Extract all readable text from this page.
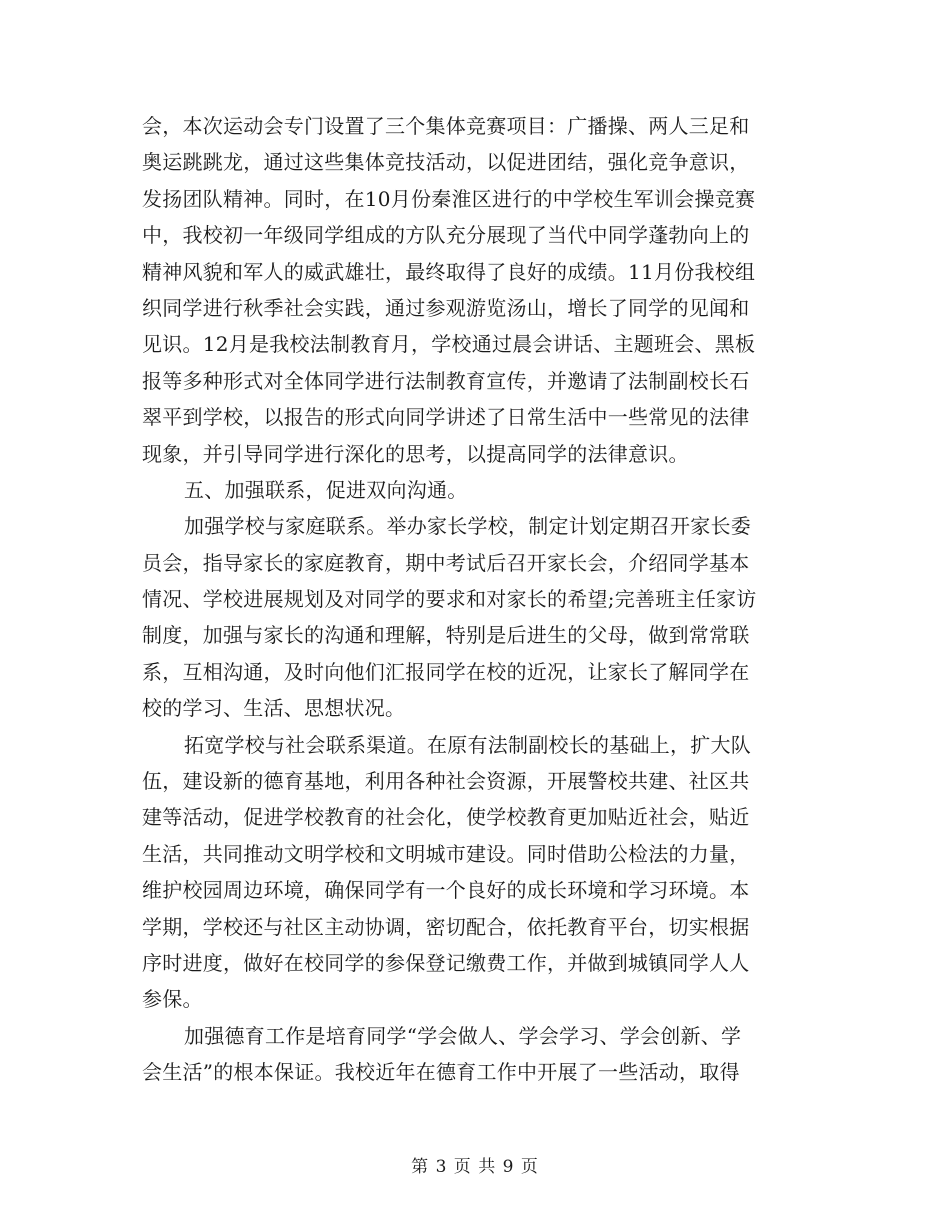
会，本次运动会专门设置了三个集体竞赛项目：广播操、两人三足和
奥运跳跳龙，通过这些集体竞技活动，以促进团结，强化竞争意识，
发扬团队精神。同时，在10月份秦淮区进行的中学校生军训会操竞赛
中，我校初一年级同学组成的方队充分展现了当代中同学蓬勃向上的
精神风貌和军人的威武雄壮，最终取得了良好的成绩。11月份我校组
织同学进行秋季社会实践，通过参观游览汤山，增长了同学的见闻和
见识。12月是我校法制教育月，学校通过晨会讲话、主题班会、黑板
报等多种形式对全体同学进行法制教育宣传，并邀请了法制副校长石
翠平到学校，以报告的形式向同学讲述了日常生活中一些常见的法律
现象，并引导同学进行深化的思考，以提高同学的法律意识。
五、加强联系，促进双向沟通。
加强学校与家庭联系。举办家长学校，制定计划定期召开家长委
员会，指导家长的家庭教育，期中考试后召开家长会，介绍同学基本
情况、学校进展规划及对同学的要求和对家长的希望;完善班主任家访
制度，加强与家长的沟通和理解，特别是后进生的父母，做到常常联
系，互相沟通，及时向他们汇报同学在校的近况，让家长了解同学在
校的学习、生活、思想状况。
拓宽学校与社会联系渠道。在原有法制副校长的基础上，扩大队
伍，建设新的德育基地，利用各种社会资源，开展警校共建、社区共
建等活动，促进学校教育的社会化，使学校教育更加贴近社会，贴近
生活，共同推动文明学校和文明城市建设。同时借助公检法的力量，
维护校园周边环境，确保同学有一个良好的成长环境和学习环境。本
学期，学校还与社区主动协调，密切配合，依托教育平台，切实根据
序时进度，做好在校同学的参保登记缴费工作，并做到城镇同学人人
参保。
加强德育工作是培育同学“学会做人、学会学习、学会创新、学
会生活”的根本保证。我校近年在德育工作中开展了一些活动，取得
第 3 页 共 9 页
